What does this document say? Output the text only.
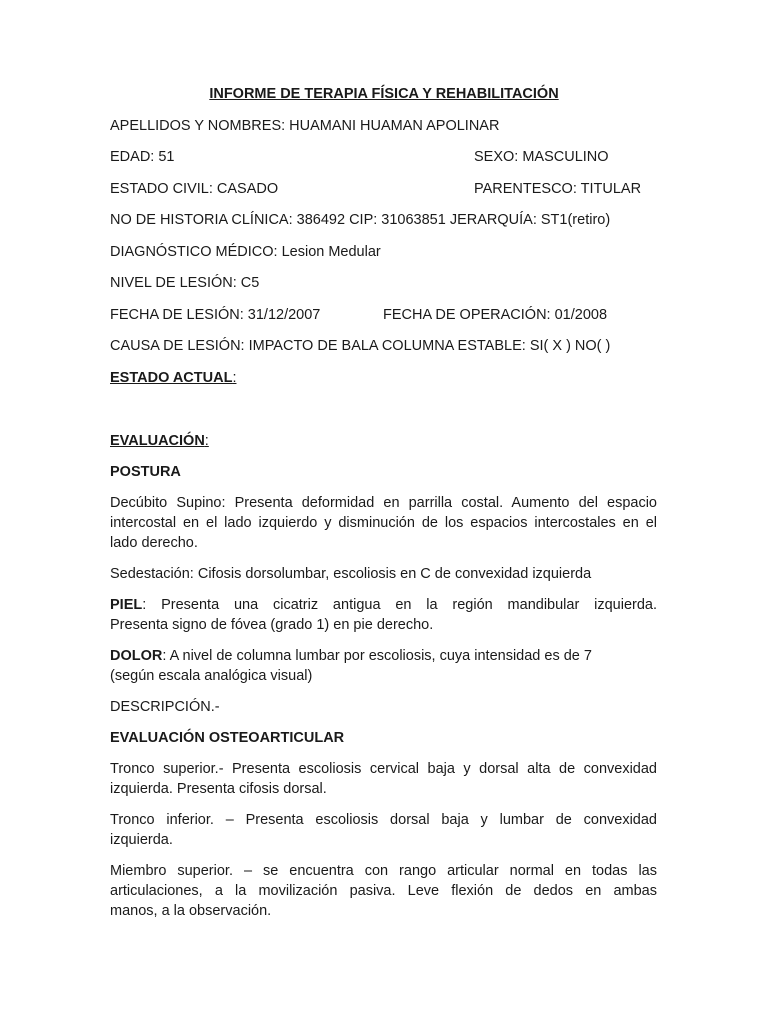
INFORME DE TERAPIA FÍSICA Y REHABILITACIÓN
APELLIDOS Y NOMBRES: HUAMANI HUAMAN APOLINAR
EDAD: 51	SEXO: MASCULINO
ESTADO CIVIL: CASADO	PARENTESCO: TITULAR
NO DE HISTORIA CLÍNICA: 386492 CIP: 31063851 JERARQUÍA: ST1(retiro)
DIAGNÓSTICO MÉDICO: Lesion Medular
NIVEL DE LESIÓN: C5
FECHA DE LESIÓN: 31/12/2007	FECHA DE OPERACIÓN: 01/2008
CAUSA DE LESIÓN: IMPACTO DE BALA COLUMNA ESTABLE: SI( X ) NO( )
ESTADO ACTUAL:
EVALUACIÓN:
POSTURA
Decúbito Supino: Presenta deformidad en parrilla costal. Aumento del espacio
intercostal en el lado izquierdo y disminución de los espacios intercostales en el
lado derecho.
Sedestación: Cifosis dorsolumbar, escoliosis en C de convexidad izquierda
PIEL: Presenta una cicatriz antigua en la región mandibular izquierda.
Presenta signo de fóvea (grado 1) en pie derecho.
DOLOR: A nivel de columna lumbar por escoliosis, cuya intensidad es de 7
(según escala analógica visual)
DESCRIPCIÓN.-
EVALUACIÓN OSTEOARTICULAR
Tronco superior.- Presenta escoliosis cervical baja y dorsal alta de convexidad
izquierda. Presenta cifosis dorsal.
Tronco inferior. – Presenta escoliosis dorsal baja y lumbar de convexidad
izquierda.
Miembro superior. – se encuentra con rango articular normal en todas las
articulaciones, a la movilización pasiva. Leve flexión de dedos en ambas
manos, a la observación.
